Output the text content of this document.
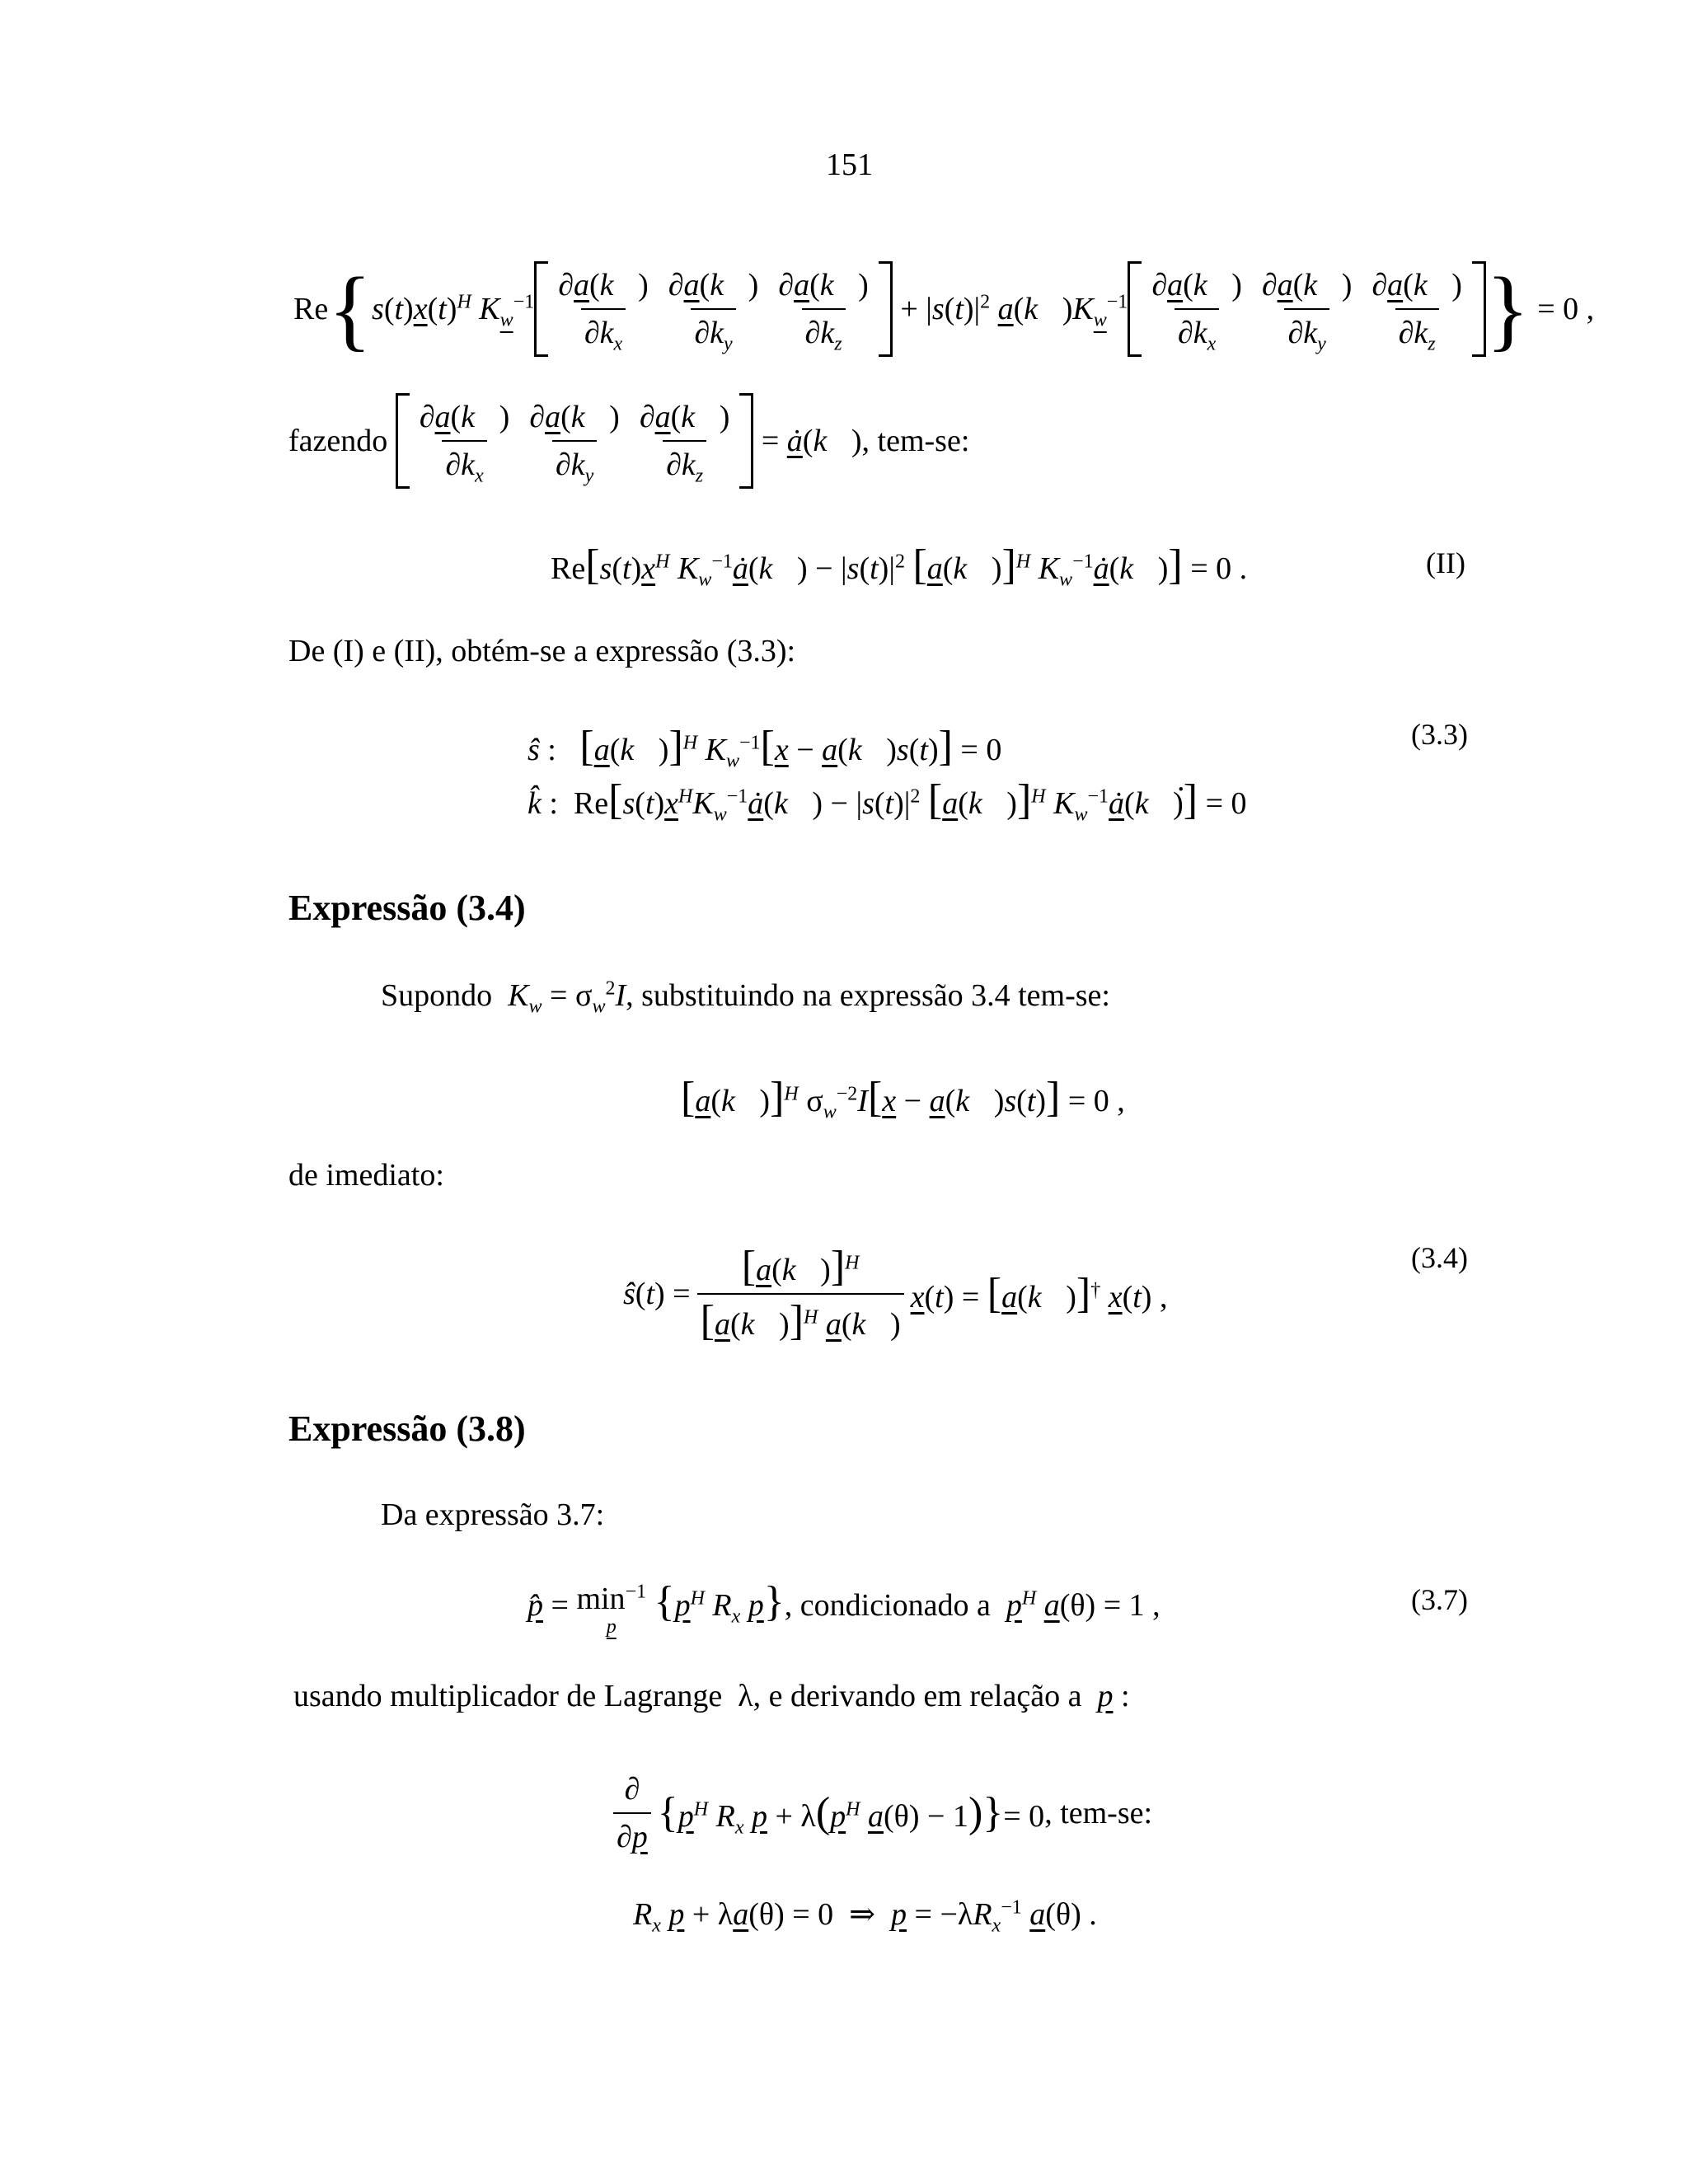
151
Re { $s(t)x(t)^H$ $K_w^{-1} \frac{\partial a(k⃗)}{\partial k_x} \frac{\partial a(k⃗)}{\partial k_y} \frac{\partial a(k⃗)}{\partial k_z} + |s(t)|^2$ $a(k⃗)K_w^{-1} \frac{\partial a(k⃗)}{\partial k_x} \frac{\partial a(k⃗)}{\partial k_y} \frac{\partial a(k⃗)}{\partial k_z}$ } = 0 ,
fazendo
$\frac{\partial a(k⃗)}{\partial k_x} \frac{\partial a(k⃗)}{\partial k_y} \frac{\partial a(k⃗)}{\partial k_z}$ = ȧ(k⃗) , tem-se:
$Re[s(t)x^H$ $K_w^{-1}ȧ(k⃗) - |s(t)|^2$ [a(k⃗)]$^H$ $K_w^{-1}ȧ(k⃗)] = 0$ .	(II)
De (I) e (II), obtém-se a expressão (3.3):
ŝ :   [a(k⃗)]$^H$ $K_w^{-1}[x$ − a(k⃗)s(t)] = 0
k̂ :  $Re[s(t)x^HK_w^{-1}ȧ(k⃗) - |s(t)|^2$ [a(k⃗)]$^H$ $K_w^{-1}ȧ(k⃗)] = 0$
.
(3.3)
Expressão (3.4)
Supondo $K_w = \sigma_w^2I$, substituindo na expressão 3.4 tem-se:
[a(k⃗)]$^H$ $\sigma_w^{-2}I[x$ − a(k⃗)s(t)] = 0 ,
de imediato:
ŝ(t) = $\frac{[a(k⃗)]^H}{[a(k⃗)]^H a(k⃗)} x(t)$ = [a(k⃗)]† x(t) ,
(3.4)
Expressão (3.8)
Da expressão 3.7:
p̂ = $\min^{-1}$
p
{$p^H$ $R_x$ p}, condicionado a $p^H$ a(θ) = 1 ,	(3.7)
usando multiplicador de Lagrange  λ, e derivando em relação a p :
$\frac{\partial}{\partial p} \{p^H$ $R_x$ $p + \lambda(p^H$ a(θ) − 1)}= 0 , tem-se:
$R_x$ p + λa(θ) = 0  ⇒  $p = -\lambda R_x^{-1}$ a(θ) .
